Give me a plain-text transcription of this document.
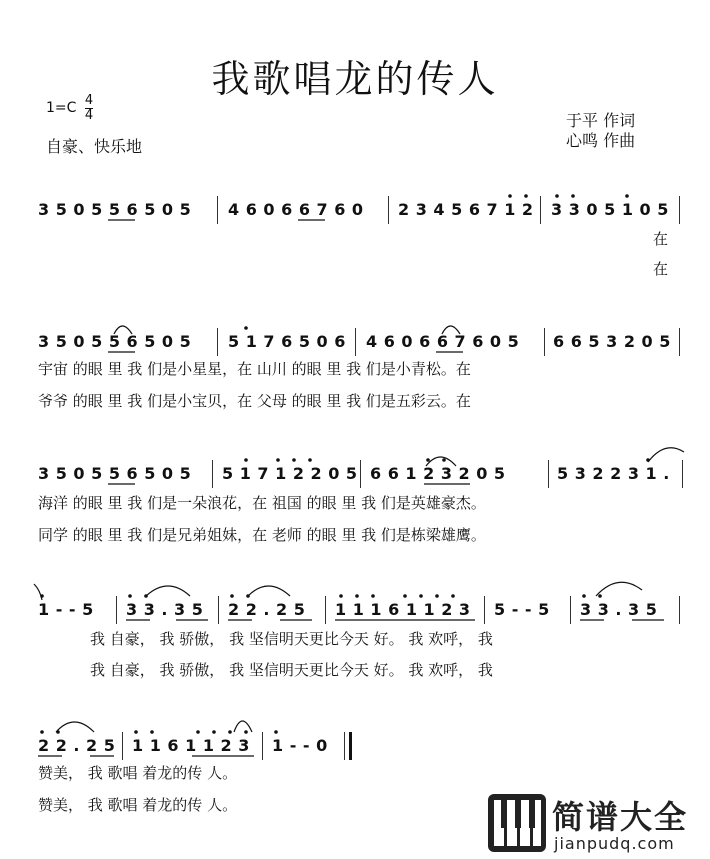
我歌唱龙的传人
1=C 4
4
自豪、快乐地
于平 作词
心鸣 作曲
3 5 0 5 5 6 5 0 5 4 6 0 6 6 7 6 0 2 3 4 5 6 7 1 2 3 3 0 5 1 0 5
在
在
3 5 0 5 5 6 5 0 5 5 1 7 6 5 0 6 4 6 0 6 6 7 6 0 5 6 6 5 3 2 0 5
宇宙 的眼 里 我 们是小星星，在 山川 的眼 里 我 们是小青松。在
爷爷 的眼 里 我 们是小宝贝，在 父母 的眼 里 我 们是五彩云。在
3 5 0 5 5 6 5 0 5 5 1 7 1 2 2 0 5 6 6 1 2 3 2 0 5	5 3 2 2 3 1 .
海洋 的眼 里 我 们是一朵浪花，在 祖国 的眼 里 我 们是英雄豪杰。
同学 的眼 里 我 们是兄弟姐妹，在 老师 的眼 里 我 们是栋梁雄鹰。
1 - - 5 3 3 . 3 5 2 2 . 2 5 1 1 1 6 1 1 2 3 5 - - 5 3 3 . 3 5
我 自豪， 我 骄傲， 我 坚信明天更比今天 好。 我 欢呼， 我
我 自豪， 我 骄傲， 我 坚信明天更比今天 好。 我 欢呼， 我
2 2 . 2 5 1 1 6 1 1 2 3 1 - - 0
赞美， 我 歌唱 着龙的传 人。
赞美， 我 歌唱 着龙的传 人。	简谱大全
jianpudq.com
